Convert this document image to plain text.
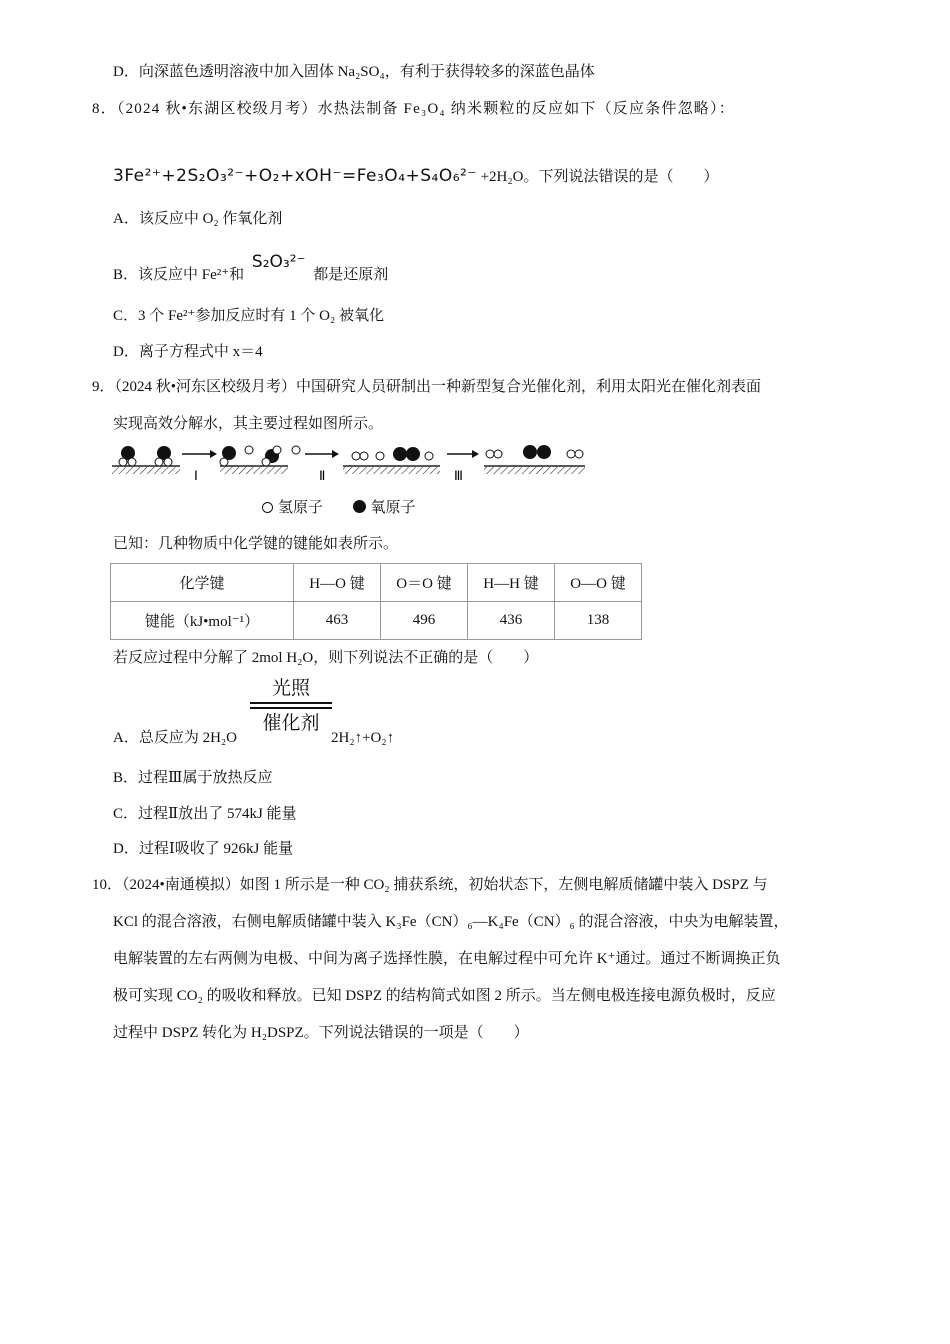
D．向深蓝色透明溶液中加入固体 Na₂SO₄，有利于获得较多的深蓝色晶体
8．（2024 秋•东湖区校级月考）水热法制备 Fe₃O₄ 纳米颗粒的反应如下（反应条件忽略）：
3Fe²⁺+2S₂O₃²⁻+O₂+xOH⁻=Fe₃O₄+S₄O₆²⁻ +2H₂O。下列说法错误的是（　　）
A．该反应中 O₂ 作氧化剂
B．该反应中 Fe²⁺和 S₂O₃²⁻ 都是还原剂
C．3 个 Fe²⁺参加反应时有 1 个 O₂ 被氧化
D．离子方程式中 x＝4
9．（2024 秋•河东区校级月考）中国研究人员研制出一种新型复合光催化剂，利用太阳光在催化剂表面
实现高效分解水，其主要过程如图所示。
Ⅰ	Ⅱ	Ⅲ
氢原子	氧原子
已知：几种物质中化学键的键能如表所示。
化学键	H—O 键	O＝O 键	H—H 键	O—O 键
键能（kJ•mol⁻¹）	463	496	436	138
若反应过程中分解了 2mol H₂O，则下列说法不正确的是（　　）
A．总反应为 2H₂O
光照
催化剂
2H₂↑+O₂↑
B．过程Ⅲ属于放热反应
C．过程Ⅱ放出了 574kJ 能量
D．过程Ⅰ吸收了 926kJ 能量
10．（2024•南通模拟）如图 1 所示是一种 CO₂ 捕获系统，初始状态下，左侧电解质储罐中装入 DSPZ 与
KCl 的混合溶液，右侧电解质储罐中装入 K₃Fe（CN）₆—K₄Fe（CN）₆ 的混合溶液，中央为电解装置，
电解装置的左右两侧为电极、中间为离子选择性膜，在电解过程中可允许 K⁺通过。通过不断调换正负
极可实现 CO₂ 的吸收和释放。已知 DSPZ 的结构简式如图 2 所示。当左侧电极连接电源负极时，反应
过程中 DSPZ 转化为 H₂DSPZ。下列说法错误的一项是（　　）
